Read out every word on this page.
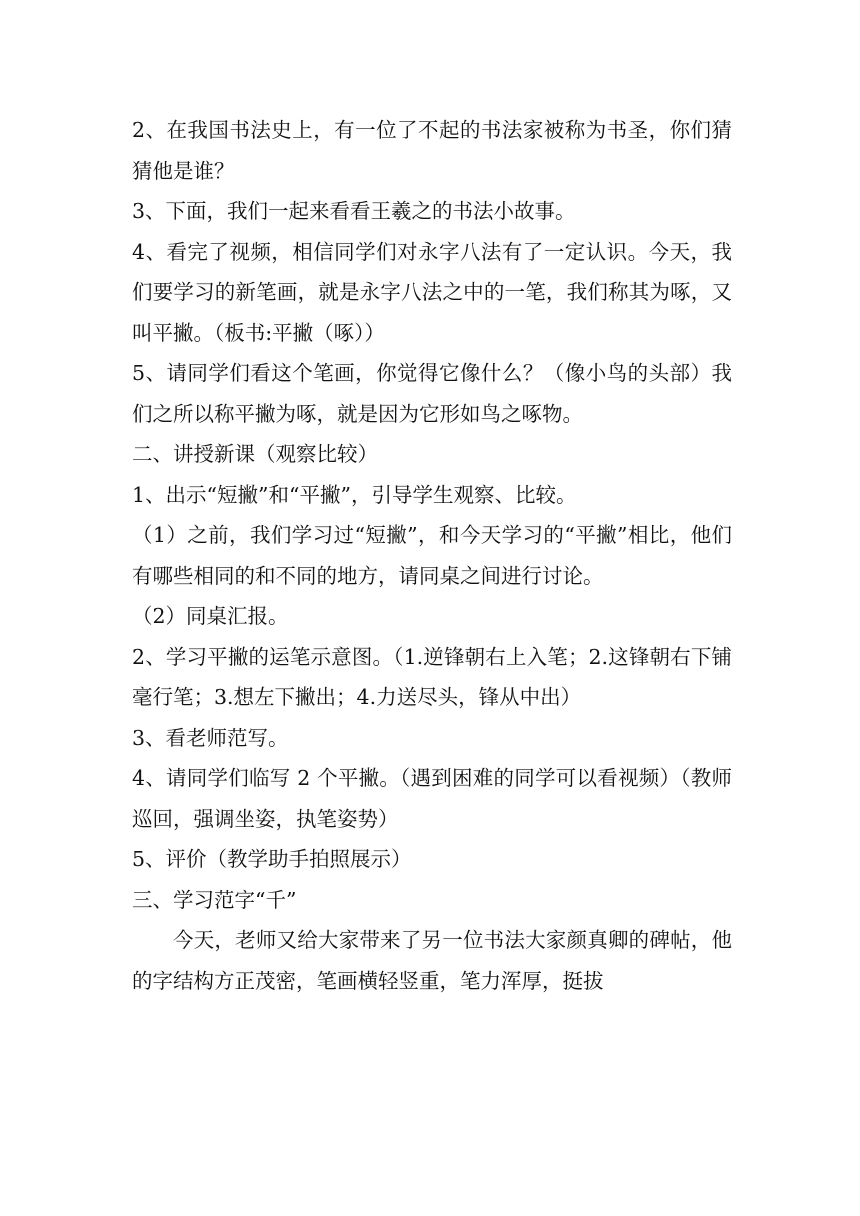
2、在我国书法史上，有一位了不起的书法家被称为书圣，你们猜猜他是谁？

3、下面，我们一起来看看王羲之的书法小故事。

4、看完了视频，相信同学们对永字八法有了一定认识。今天，我们要学习的新笔画，就是永字八法之中的一笔，我们称其为啄，又叫平撇。（板书:平撇（啄））

5、请同学们看这个笔画，你觉得它像什么？（像小鸟的头部）我们之所以称平撇为啄，就是因为它形如鸟之啄物。

二、讲授新课（观察比较）

1、出示“短撇”和“平撇”，引导学生观察、比较。

（1）之前，我们学习过“短撇”，和今天学习的“平撇”相比，他们有哪些相同的和不同的地方，请同桌之间进行讨论。

（2）同桌汇报。

2、学习平撇的运笔示意图。（1.逆锋朝右上入笔；2.这锋朝右下铺毫行笔；3.想左下撇出；4.力送尽头，锋从中出）

3、看老师范写。

4、请同学们临写 2 个平撇。（遇到困难的同学可以看视频）（教师巡回，强调坐姿，执笔姿势）

5、评价（教学助手拍照展示）

三、学习范字“千”

今天，老师又给大家带来了另一位书法大家颜真卿的碑帖，他的字结构方正茂密，笔画横轻竖重，笔力浑厚，挺拔
